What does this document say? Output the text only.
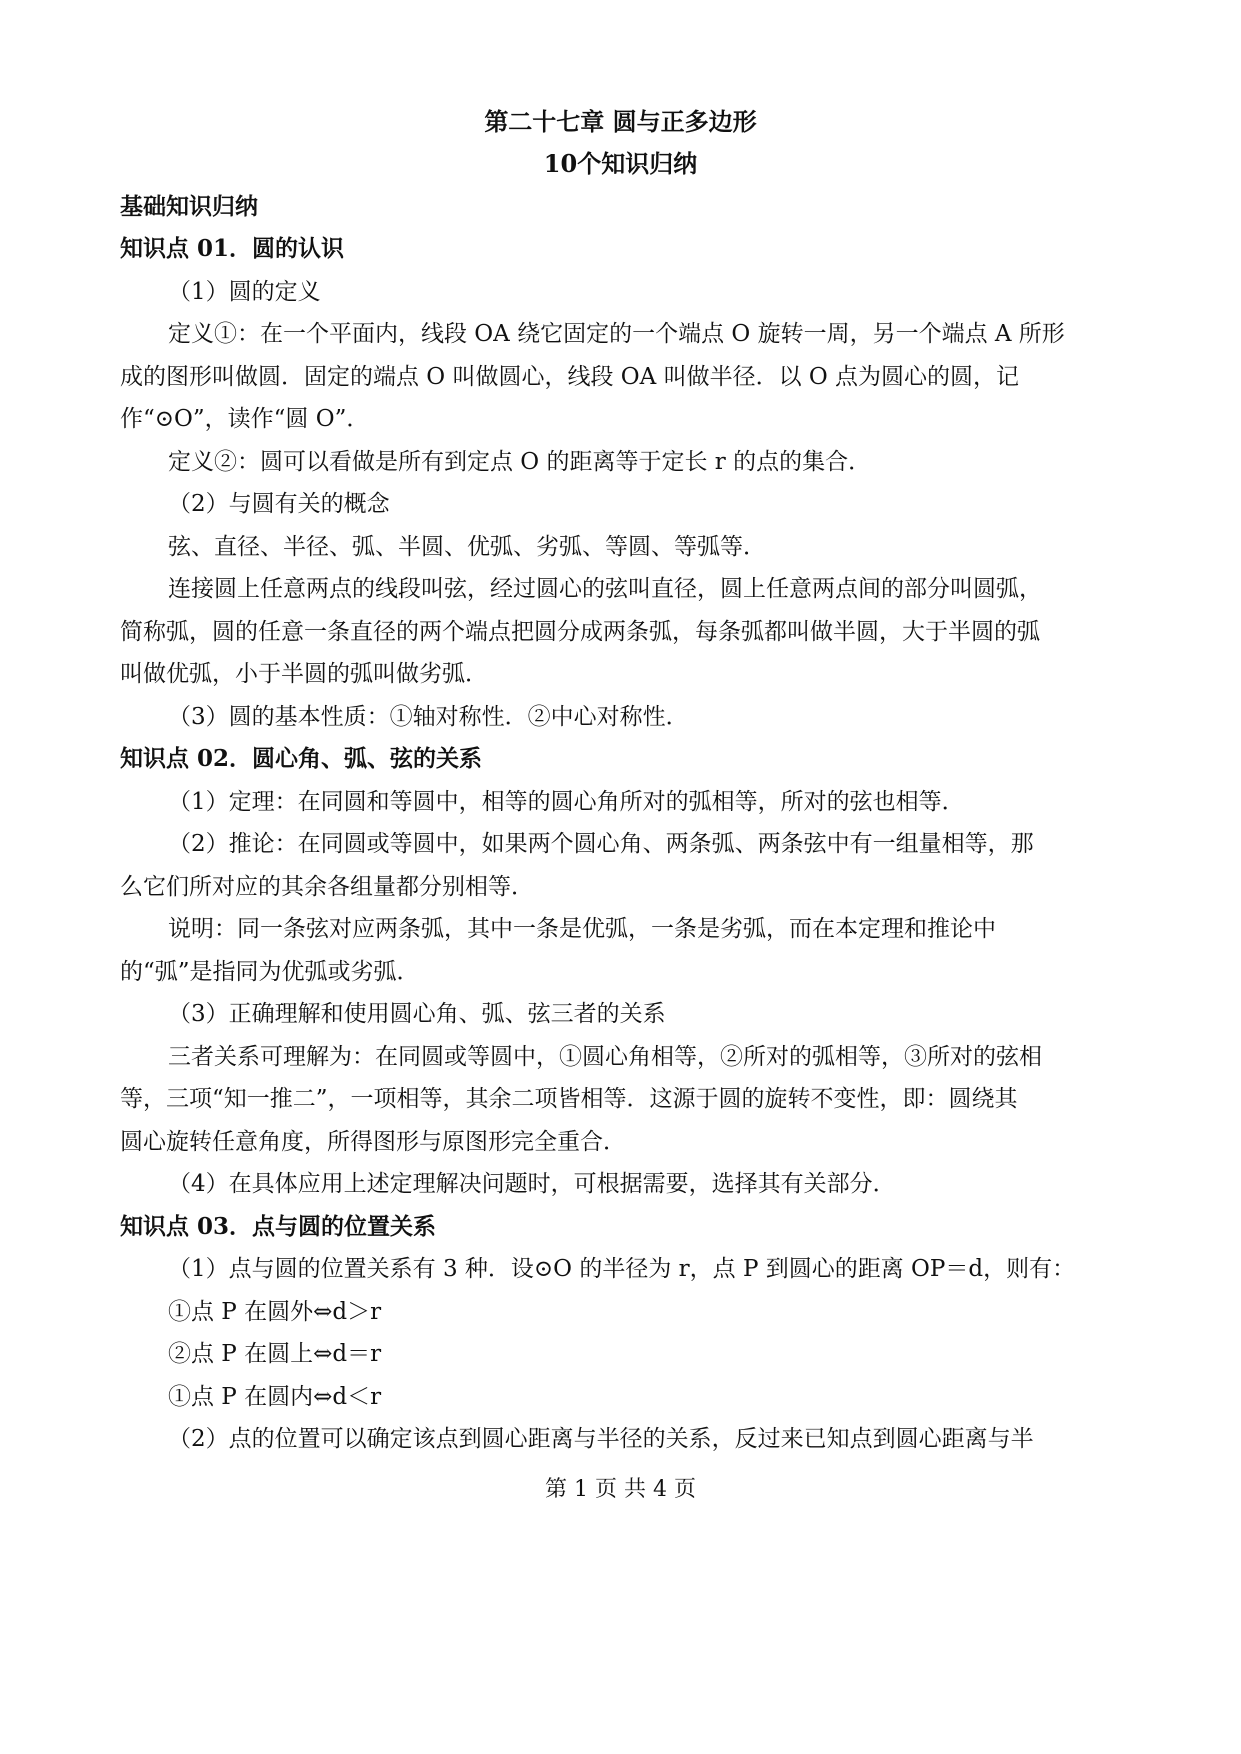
第二十七章 圆与正多边形
10个知识归纳
基础知识归纳
知识点 01．圆的认识
（1）圆的定义
定义①：在一个平面内，线段 OA 绕它固定的一个端点 O 旋转一周，另一个端点 A 所形
成的图形叫做圆．固定的端点 O 叫做圆心，线段 OA 叫做半径．以 O 点为圆心的圆，记
作“⊙O”，读作“圆 O”．
定义②：圆可以看做是所有到定点 O 的距离等于定长 r 的点的集合．
（2）与圆有关的概念
弦、直径、半径、弧、半圆、优弧、劣弧、等圆、等弧等．
连接圆上任意两点的线段叫弦，经过圆心的弦叫直径，圆上任意两点间的部分叫圆弧，
简称弧，圆的任意一条直径的两个端点把圆分成两条弧，每条弧都叫做半圆，大于半圆的弧
叫做优弧，小于半圆的弧叫做劣弧．
（3）圆的基本性质：①轴对称性．②中心对称性．
知识点 02．圆心角、弧、弦的关系
（1）定理：在同圆和等圆中，相等的圆心角所对的弧相等，所对的弦也相等．
（2）推论：在同圆或等圆中，如果两个圆心角、两条弧、两条弦中有一组量相等，那
么它们所对应的其余各组量都分别相等．
说明：同一条弦对应两条弧，其中一条是优弧，一条是劣弧，而在本定理和推论中
的“弧”是指同为优弧或劣弧．
（3）正确理解和使用圆心角、弧、弦三者的关系
三者关系可理解为：在同圆或等圆中，①圆心角相等，②所对的弧相等，③所对的弦相
等，三项“知一推二”，一项相等，其余二项皆相等．这源于圆的旋转不变性，即：圆绕其
圆心旋转任意角度，所得图形与原图形完全重合．
（4）在具体应用上述定理解决问题时，可根据需要，选择其有关部分．
知识点 03．点与圆的位置关系
（1）点与圆的位置关系有 3 种．设⊙O 的半径为 r，点 P 到圆心的距离 OP＝d，则有：
①点 P 在圆外⇔d＞r
②点 P 在圆上⇔d＝r
①点 P 在圆内⇔d＜r
（2）点的位置可以确定该点到圆心距离与半径的关系，反过来已知点到圆心距离与半
第 1 页 共 4 页
